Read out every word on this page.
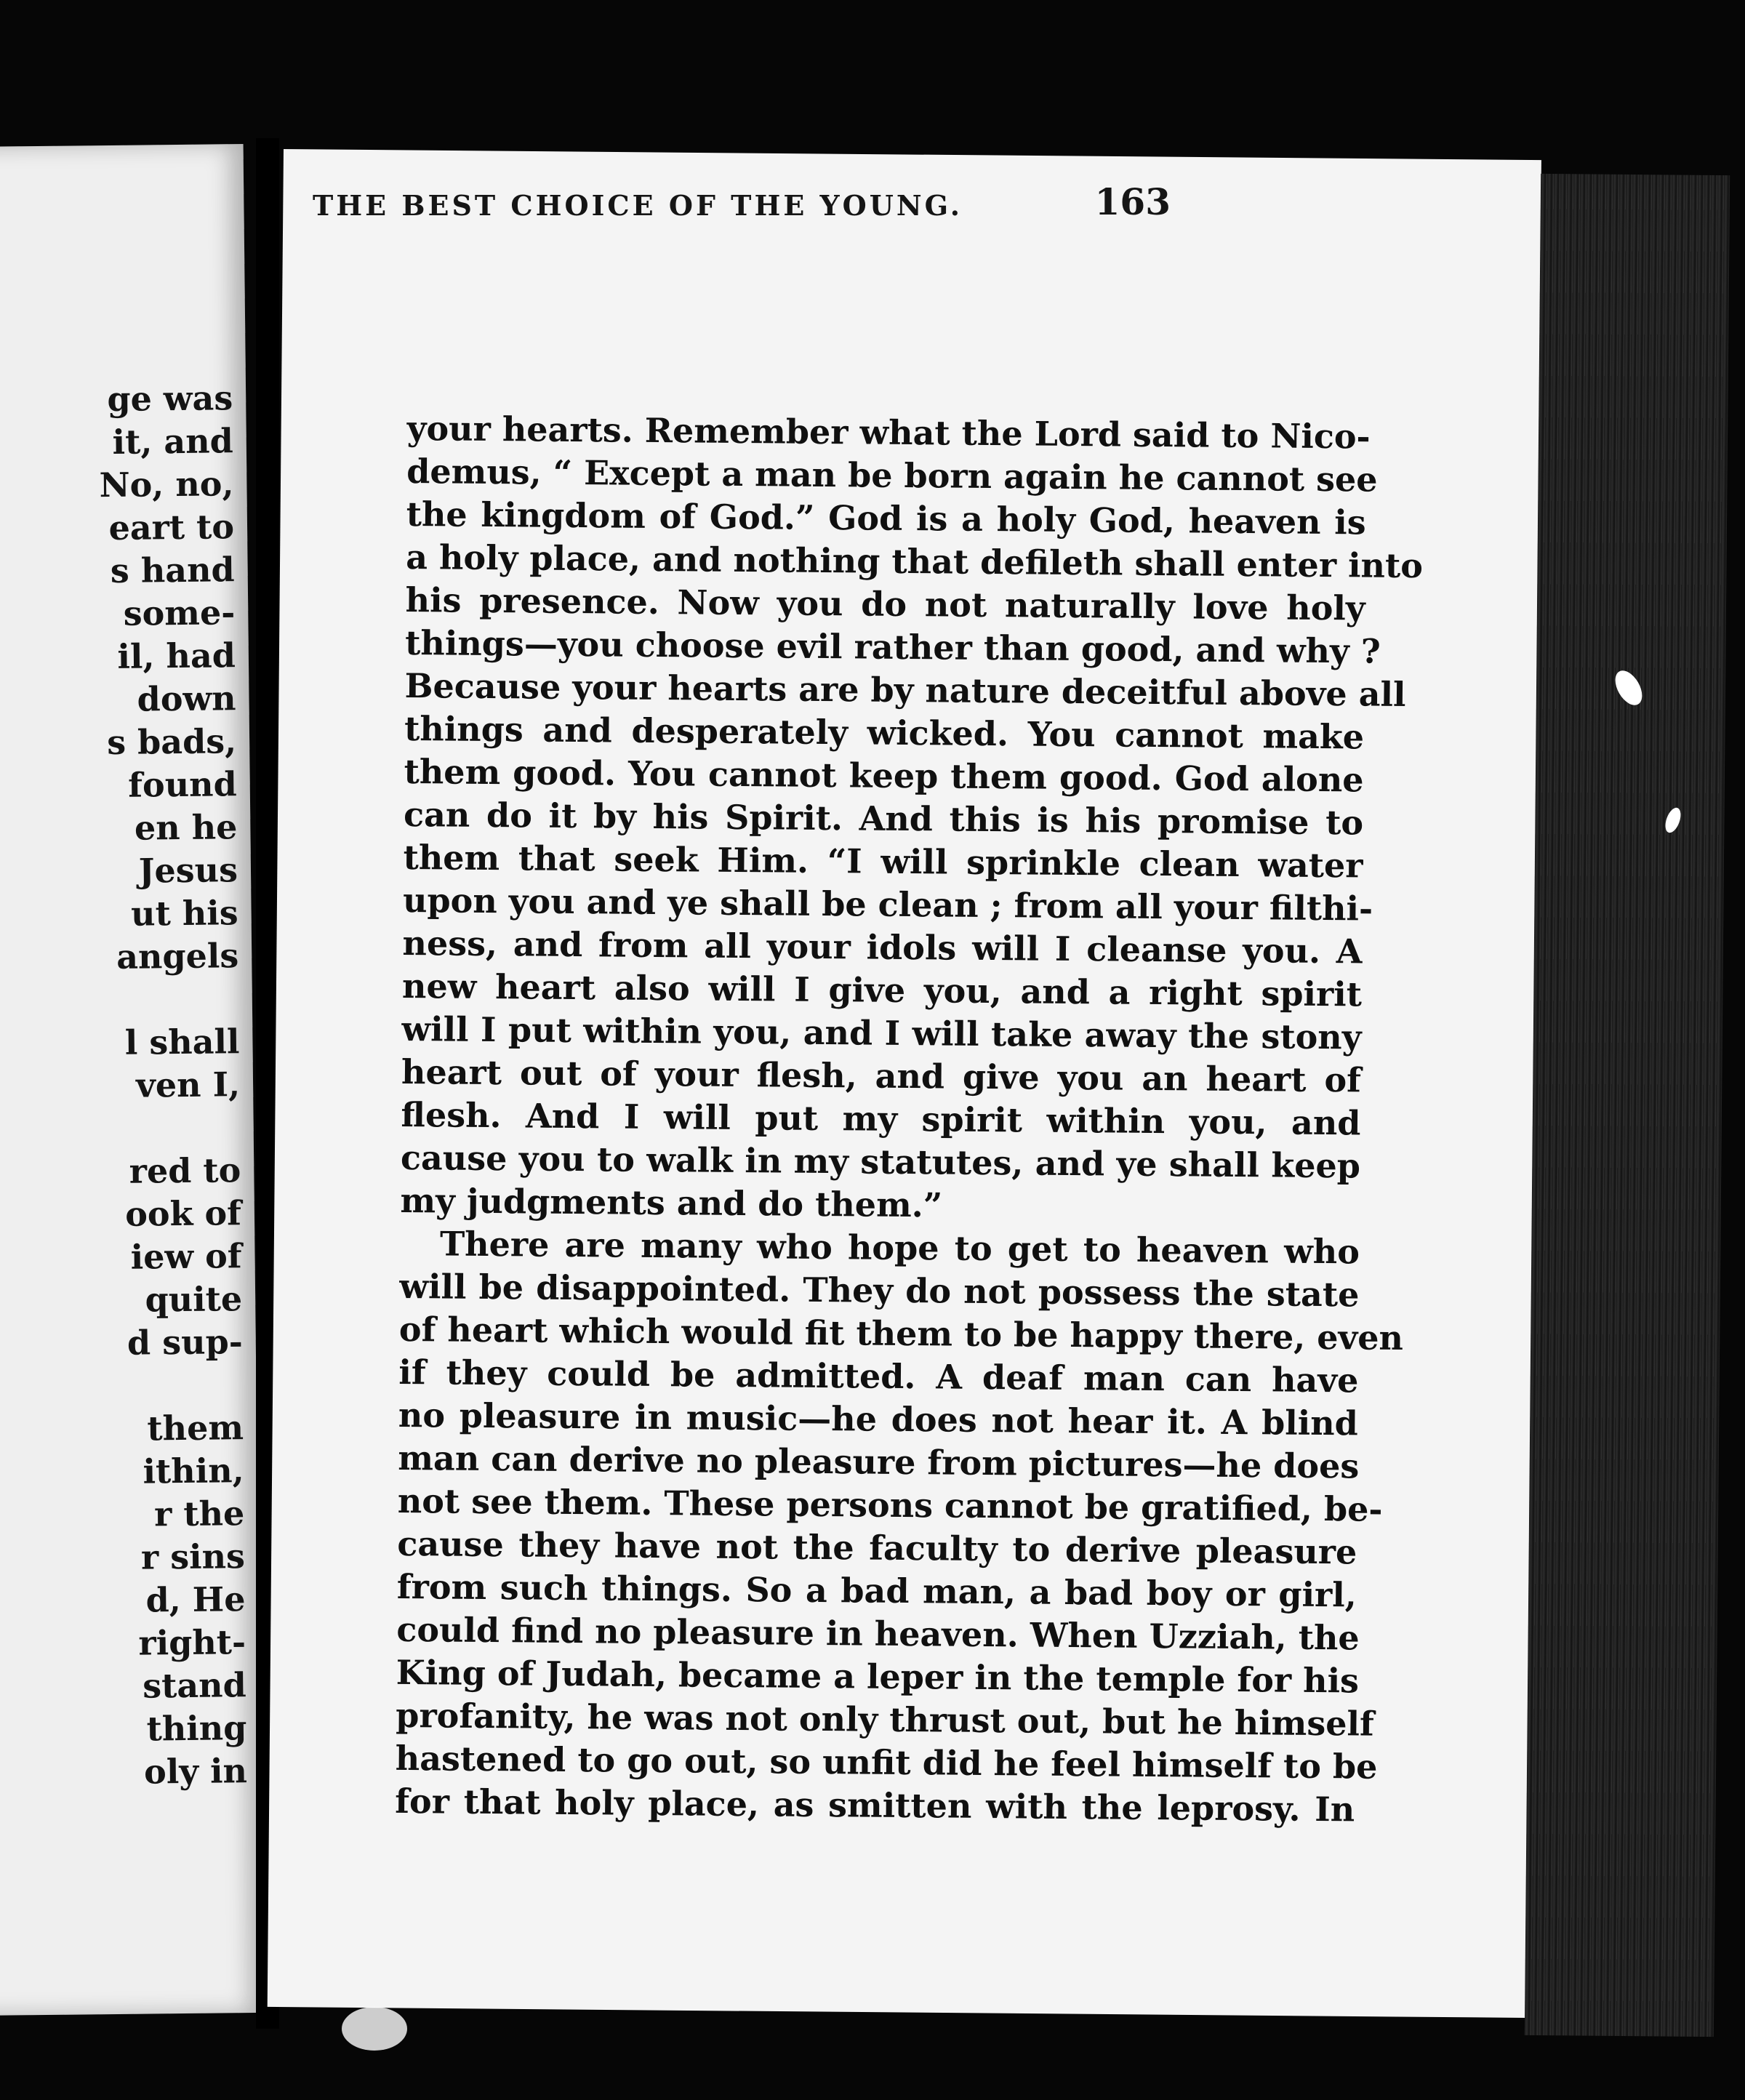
ge was
it, and
No, no,
eart to
s hand
some-
il, had
down
s bads,
found
en he
Jesus
ut his
angels
l shall
ven I,
red to
ook of
iew of
quite
d sup-
them
ithin,
r the
r sins
d, He
right-
stand
thing
oly in
THE BEST CHOICE OF THE YOUNG.	163
your hearts. Remember what the Lord said to Nico-
demus, “ Except a man be born again he cannot see
the kingdom of God.” God is a holy God, heaven is
a holy place, and nothing that defileth shall enter into
his presence. Now you do not naturally love holy
things—you choose evil rather than good, and why ?
Because your hearts are by nature deceitful above all
things and desperately wicked. You cannot make
them good. You cannot keep them good. God alone
can do it by his Spirit. And this is his promise to
them that seek Him. “I will sprinkle clean water
upon you and ye shall be clean ; from all your filthi-
ness, and from all your idols will I cleanse you. A
new heart also will I give you, and a right spirit
will I put within you, and I will take away the stony
heart out of your flesh, and give you an heart of
flesh. And I will put my spirit within you, and
cause you to walk in my statutes, and ye shall keep
my judgments and do them.”
There are many who hope to get to heaven who
will be disappointed. They do not possess the state
of heart which would fit them to be happy there, even
if they could be admitted. A deaf man can have
no pleasure in music—he does not hear it. A blind
man can derive no pleasure from pictures—he does
not see them. These persons cannot be gratified, be-
cause they have not the faculty to derive pleasure
from such things. So a bad man, a bad boy or girl,
could find no pleasure in heaven. When Uzziah, the
King of Judah, became a leper in the temple for his
profanity, he was not only thrust out, but he himself
hastened to go out, so unfit did he feel himself to be
for that holy place, as smitten with the leprosy. In
